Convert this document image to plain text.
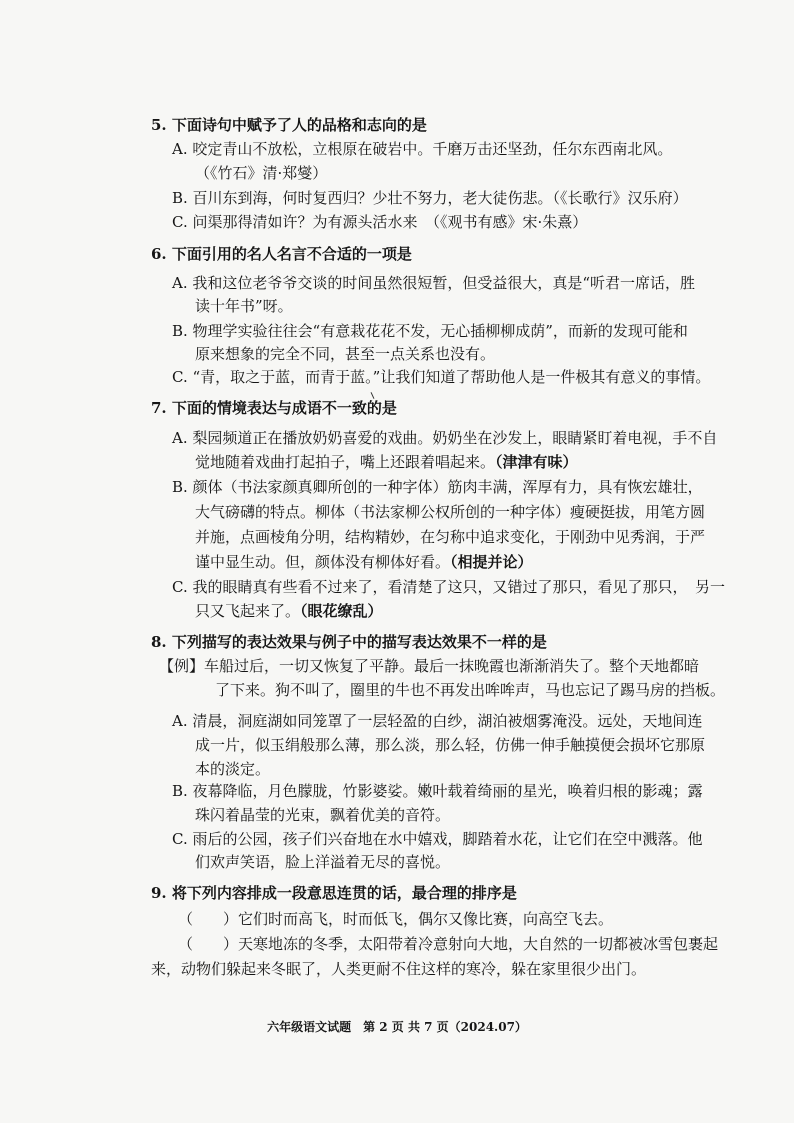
5. 下面诗句中赋予了人的品格和志向的是
A. 咬定青山不放松，立根原在破岩中。千磨万击还坚劲，任尔东西南北风。
（《竹石》清·郑燮）
B. 百川东到海，何时复西归？少壮不努力，老大徒伤悲。（《长歌行》汉乐府）
C. 问渠那得清如许？为有源头活水来　（《观书有感》宋·朱熹）
6. 下面引用的名人名言不合适的一项是
A. 我和这位老爷爷交谈的时间虽然很短暂，但受益很大，真是“听君一席话，胜
读十年书”呀。
B. 物理学实验往往会“有意栽花花不发，无心插柳柳成荫”，而新的发现可能和
原来想象的完全不同，甚至一点关系也没有。
C. “青，取之于蓝，而青于蓝。”让我们知道了帮助他人是一件极其有意义的事情。
7. 下面的情境表达与成语不一致的是
A. 梨园频道正在播放奶奶喜爱的戏曲。奶奶坐在沙发上，眼睛紧盯着电视，手不自
觉地随着戏曲打起拍子，嘴上还跟着唱起来。（津津有味）
B. 颜体（书法家颜真卿所创的一种字体）筋肉丰满，浑厚有力，具有恢宏雄壮，
大气磅礴的特点。柳体（书法家柳公权所创的一种字体）瘦硬挺拔，用笔方圆
并施，点画棱角分明，结构精妙，在匀称中追求变化，于刚劲中见秀润，于严
谨中显生动。但，颜体没有柳体好看。（相提并论）
C. 我的眼睛真有些看不过来了，看清楚了这只，又错过了那只，看见了那只，　另一
只又飞起来了。（眼花缭乱）
8. 下列描写的表达效果与例子中的描写表达效果不一样的是
【例】车船过后，一切又恢复了平静。最后一抹晚霞也渐渐消失了。整个天地都暗
了下来。狗不叫了，圈里的牛也不再发出哞哞声，马也忘记了踢马房的挡板。
A. 清晨，洞庭湖如同笼罩了一层轻盈的白纱，湖泊被烟雾淹没。远处，天地间连
成一片，似玉绢般那么薄，那么淡，那么轻，仿佛一伸手触摸便会损坏它那原
本的淡定。
B. 夜幕降临，月色朦胧，竹影婆娑。嫩叶载着绮丽的星光，唤着归根的影魂；露
珠闪着晶莹的光束，飘着优美的音符。
C. 雨后的公园，孩子们兴奋地在水中嬉戏，脚踏着水花，让它们在空中溅落。他
们欢声笑语，脸上洋溢着无尽的喜悦。
9. 将下列内容排成一段意思连贯的话，最合理的排序是
（　　）它们时而高飞，时而低飞，偶尔又像比赛，向高空飞去。
（　　）天寒地冻的冬季，太阳带着冷意射向大地，大自然的一切都被冰雪包裹起
来，动物们躲起来冬眠了，人类更耐不住这样的寒冷，躲在家里很少出门。
六年级语文试题　第 2 页 共 7 页（2024.07）
